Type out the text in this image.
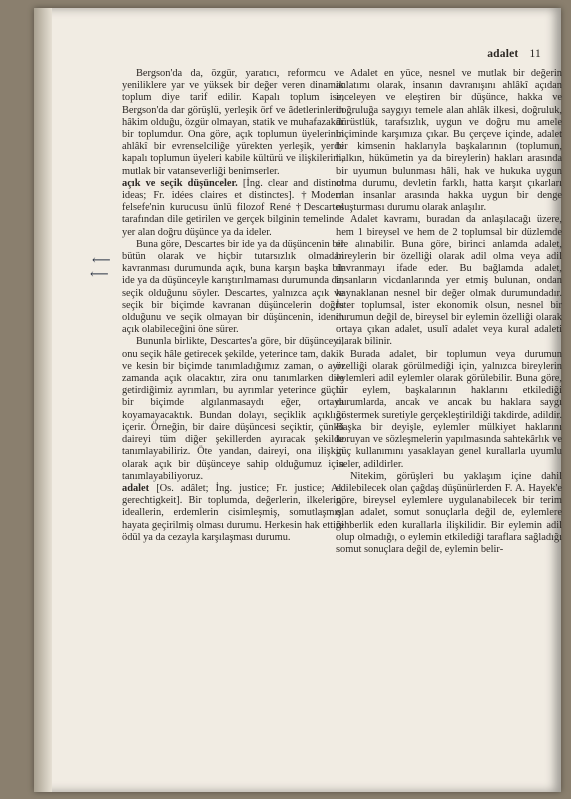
adalet 11

Bergson'da da, özgür, yaratıcı, reformcu ve yeniliklere yar ve yüksek bir değer veren dinamik toplum diye tarif edilir. Kapalı toplum ise, Bergson'da dar görüşlü, yerleşik örf ve âdetlerinlerin hâkim olduğu, özgür olmayan, statik ve muhafazakâr bir toplumdur. Ona göre, açık toplumun üyelerinin ahlâkî bir evrenselciliğe yürekten yerleşik, yerde kapalı toplumun üyeleri kabile kültürü ve ilişkilerini, mutlak bir vatanseverliği benimserler.

açık ve seçik düşünceler. [İng. clear and distinct ideas; Fr. idées claires et distinctes]. †Modern felsefe'nin kurucusu ünlü filozof René †Descartes tarafından dile getirilen ve gerçek bilginin temelinde yer alan doğru düşünce ya da ideler.

Buna göre, Descartes bir ide ya da düşüncenin bir bütün olarak ve hiçbir tutarsızlık olmadan kavranması durumunda açık, buna karşın başka bir ide ya da düşünceyle karıştırılmaması durumunda da, seçik olduğunu söyler. Descartes, yalnızca açık ve seçik bir biçimde kavranan düşüncelerin doğru olduğunu ve seçik olmayan bir düşüncenin, idenin açık olabileceğini öne sürer.

Bununla birlikte, Descartes'a göre, bir düşünceyi, onu seçik hâle getirecek şekilde, yeterince tam, dakik ve kesin bir biçimde tanımladığımız zaman, o ayrı zamanda açık olacaktır, zira onu tanımlarken dile getirdiğimiz ayrımları, bu ayrımlar yeterince güçlü bir biçimde algılanmasaydı eğer, ortaya koyamayacaktık. Bundan dolayı, seçiklik açıklığı içerir. Örneğin, bir daire düşüncesi seçiktir, çünkü daireyi tüm diğer şekillerden ayıracak şekilde tanımlayabiliriz. Öte yandan, daireyi, ona ilişkin olarak açık bir düşünceye sahip olduğumuz için tanımlayabiliyoruz.

adalet [Os. adâlet; İng. justice; Fr. justice; Al. gerechtigkeit]. Bir toplumda, değerlerin, ilkelerin, ideallerin, erdemlerin cisimleşmiş, somutlaşmış, hayata geçirilmiş olması durumu. Herkesin hak ettiği ödül ya da cezayla karşılaşması durumu.

Adalet en yüce, nesnel ve mutlak bir değerin anlatımı olarak, insanın davranışını ahlâkî açıdan inceleyen ve eleştiren bir düşünce, hakka ve doğruluğa saygıyı temele alan ahlâk ilkesi, doğruluk, dürüstlük, tarafsızlık, uygun ve doğru mu amele biçiminde karşımıza çıkar. Bu çerçeve içinde, adalet bir kimsenin haklarıyla başkalarının (toplumun, halkın, hükümetin ya da bireylerin) hakları arasında bir uyumun bulunması hâli, hak ve hukuka uygun olma durumu, devletin farklı, hatta karşıt çıkarları olan insanlar arasında hakka uygun bir denge oluşturması durumu olarak anlaşılır.

Adalet kavramı, buradan da anlaşılacağı üzere, hem 1 bireysel ve hem de 2 toplumsal bir düzlemde ele alınabilir. Buna göre, birinci anlamda adalet, bireylerin bir özelliği olarak adil olma veya adil davranmayı ifade eder. Bu bağlamda adalet, insanların vicdanlarında yer etmiş bulunan, ondan kaynaklanan nesnel bir değer olmak durumundadır. İster toplumsal, ister ekonomik olsun, nesnel bir durumun değil de, bireysel bir eylemin özelliği olarak ortaya çıkan adalet, usulî adalet veya kural adaleti olarak bilinir.

Burada adalet, bir toplumun veya durumun özelliği olarak görülmediği için, yalnızca bireylerin eylemleri adil eylemler olarak görülebilir. Buna göre, bir eylem, başkalarının haklarını etkilediği durumlarda, ancak ve ancak bu haklara saygı göstermek suretiyle gerçekleştirildiği takdirde, adildir. Başka bir deyişle, eylemler mülkiyet haklarını koruyan ve sözleşmelerin yapılmasında sahtekârlık ve güç kullanımını yasaklayan genel kurallarla uyumlu iseler, adildirler.

Nitekim, görüşleri bu yaklaşım içine dahil edilebilecek olan çağdaş düşünürlerden F. A. Hayek'e göre, bireysel eylemlere uygulanabilecek bir terim olan adalet, somut sonuçlarla değil de, eylemlere rehberlik eden kurallarla ilişkilidir. Bir eylemin adil olup olmadığı, o eylemin etkilediği taraflara sağladığı somut sonuçlara değil de, eylemin belir-

⟵
⟵
